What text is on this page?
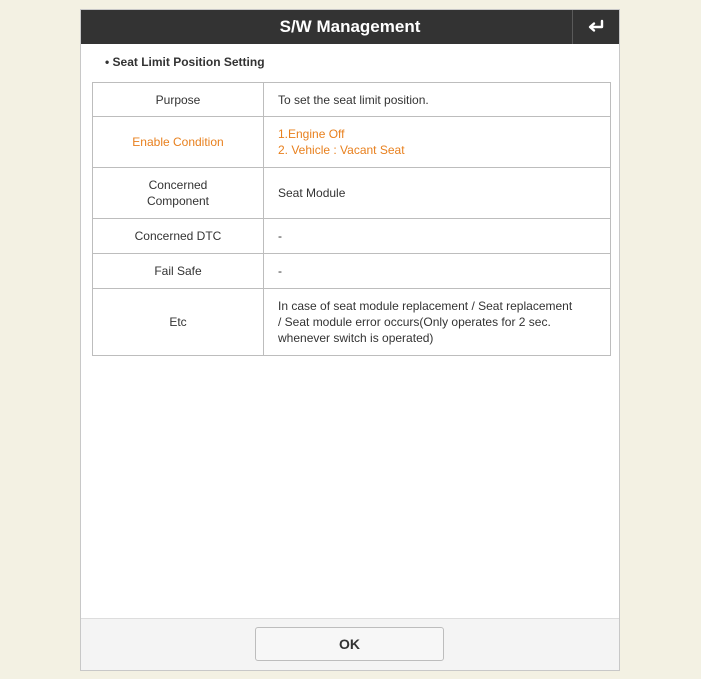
S/W Management
• Seat Limit Position Setting
Purpose	To set the seat limit position.
Enable Condition	1.Engine Off
2. Vehicle : Vacant Seat

Concerned
Component	Seat Module
Concerned DTC	-
Fail Safe	-
Etc	In case of seat module replacement / Seat replacement
/ Seat module error occurs(Only operates for 2 sec.
whenever switch is operated)
OK
